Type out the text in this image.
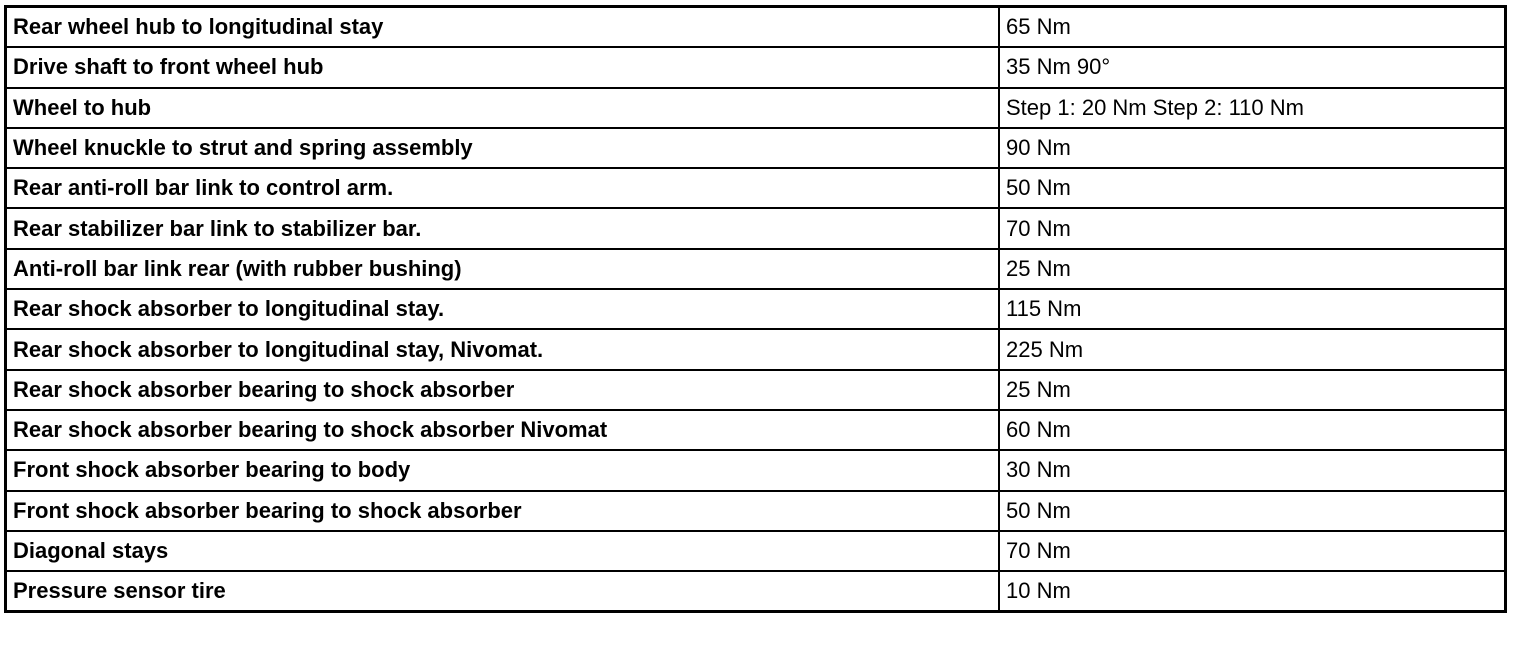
Rear wheel hub to longitudinal stay	65 Nm
Drive shaft to front wheel hub	35 Nm 90°
Wheel to hub	Step 1: 20 Nm Step 2: 110 Nm
Wheel knuckle to strut and spring assembly	90 Nm
Rear anti-roll bar link to control arm.	50 Nm
Rear stabilizer bar link to stabilizer bar.	70 Nm
Anti-roll bar link rear (with rubber bushing)	25 Nm
Rear shock absorber to longitudinal stay.	115 Nm
Rear shock absorber to longitudinal stay, Nivomat.	225 Nm
Rear shock absorber bearing to shock absorber	25 Nm
Rear shock absorber bearing to shock absorber Nivomat	60 Nm
Front shock absorber bearing to body	30 Nm
Front shock absorber bearing to shock absorber	50 Nm
Diagonal stays	70 Nm
Pressure sensor tire	10 Nm
